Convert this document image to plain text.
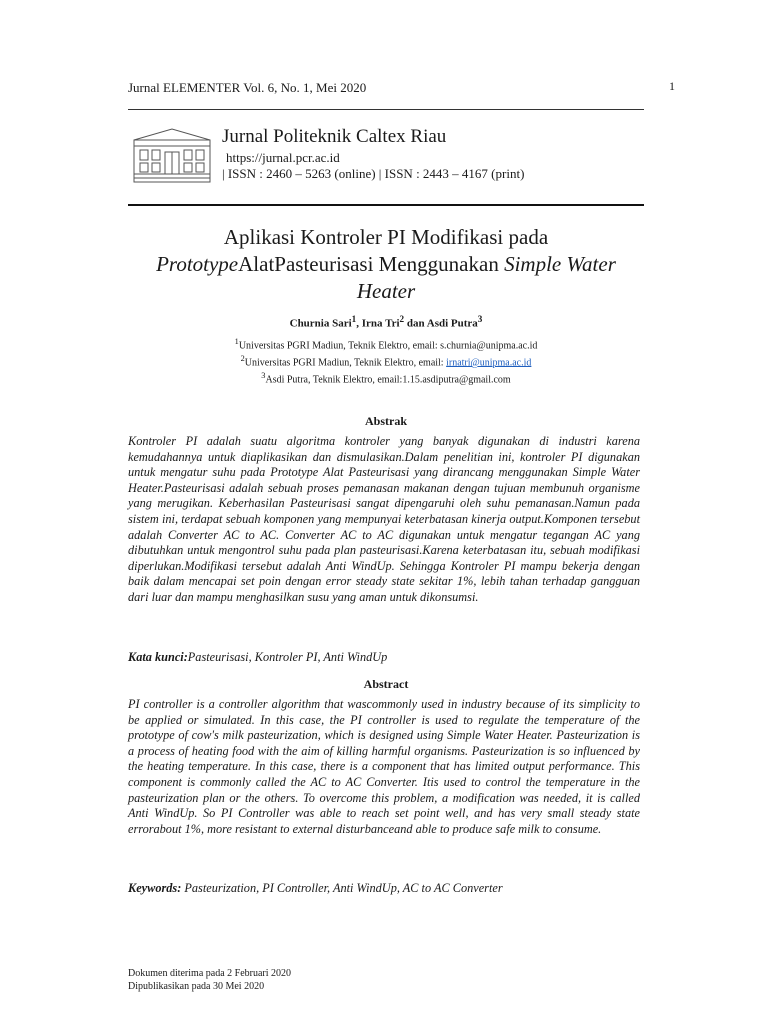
Jurnal ELEMENTER Vol. 6, No. 1, Mei 2020	1
Jurnal Politeknik Caltex Riau
https://jurnal.pcr.ac.id
| ISSN : 2460 – 5263 (online) | ISSN : 2443 – 4167 (print)
Aplikasi Kontroler PI Modifikasi pada
PrototypeAlatPasteurisasi Menggunakan Simple Water
Heater
Churnia Sari$^1$, Irna Tri$^2$ dan Asdi Putra$^3$
$^1$Universitas PGRI Madiun, Teknik Elektro, email: s.churnia@unipma.ac.id
$^2$Universitas PGRI Madiun, Teknik Elektro, email: irnatri@unipma.ac.id
$^3$Asdi Putra, Teknik Elektro, email:1.15.asdiputra@gmail.com
Abstrak
Kontroler PI adalah suatu algoritma kontroler yang banyak digunakan di industri karena kemudahannya untuk diaplikasikan dan dismulasikan.Dalam penelitian ini, kontroler PI digunakan untuk mengatur suhu pada Prototype Alat Pasteurisasi yang dirancang menggunakan Simple Water Heater.Pasteurisasi adalah sebuah proses pemanasan makanan dengan tujuan membunuh organisme yang merugikan. Keberhasilan Pasteurisasi sangat dipengaruhi oleh suhu pemanasan.Namun pada sistem ini, terdapat sebuah komponen yang mempunyai keterbatasan kinerja output.Komponen tersebut adalah Converter AC to AC. Converter AC to AC digunakan untuk mengatur tegangan AC yang dibutuhkan untuk mengontrol suhu pada plan pasteurisasi.Karena keterbatasan itu, sebuah modifikasi diperlukan.Modifikasi tersebut adalah Anti WindUp. Sehingga Kontroler PI mampu bekerja dengan baik dalam mencapai set poin dengan error steady state sekitar 1%, lebih tahan terhadap gangguan dari luar dan mampu menghasilkan susu yang aman untuk dikonsumsi.
Kata kunci:Pasteurisasi, Kontroler PI, Anti WindUp
Abstract
PI controller is a controller algorithm that wascommonly used in industry because of its simplicity to be applied or simulated. In this case, the PI controller is used to regulate the temperature of the prototype of cow's milk pasteurization, which is designed using Simple Water Heater. Pasteurization is a process of heating food with the aim of killing harmful organisms. Pasteurization is so influenced by the heating temperature. In this case, there is a component that has limited output performance. This component is commonly called the AC to AC Converter. Itis used to control the temperature in the pasteurization plan or the others. To overcome this problem, a modification was needed, it is called Anti WindUp. So PI Controller was able to reach set point well, and has very small steady state errorabout 1%, more resistant to external disturbanceand able to produce safe milk to consume.
Keywords: Pasteurization, PI Controller, Anti WindUp, AC to AC Converter
Dokumen diterima pada 2 Februari 2020
Dipublikasikan pada 30 Mei 2020
